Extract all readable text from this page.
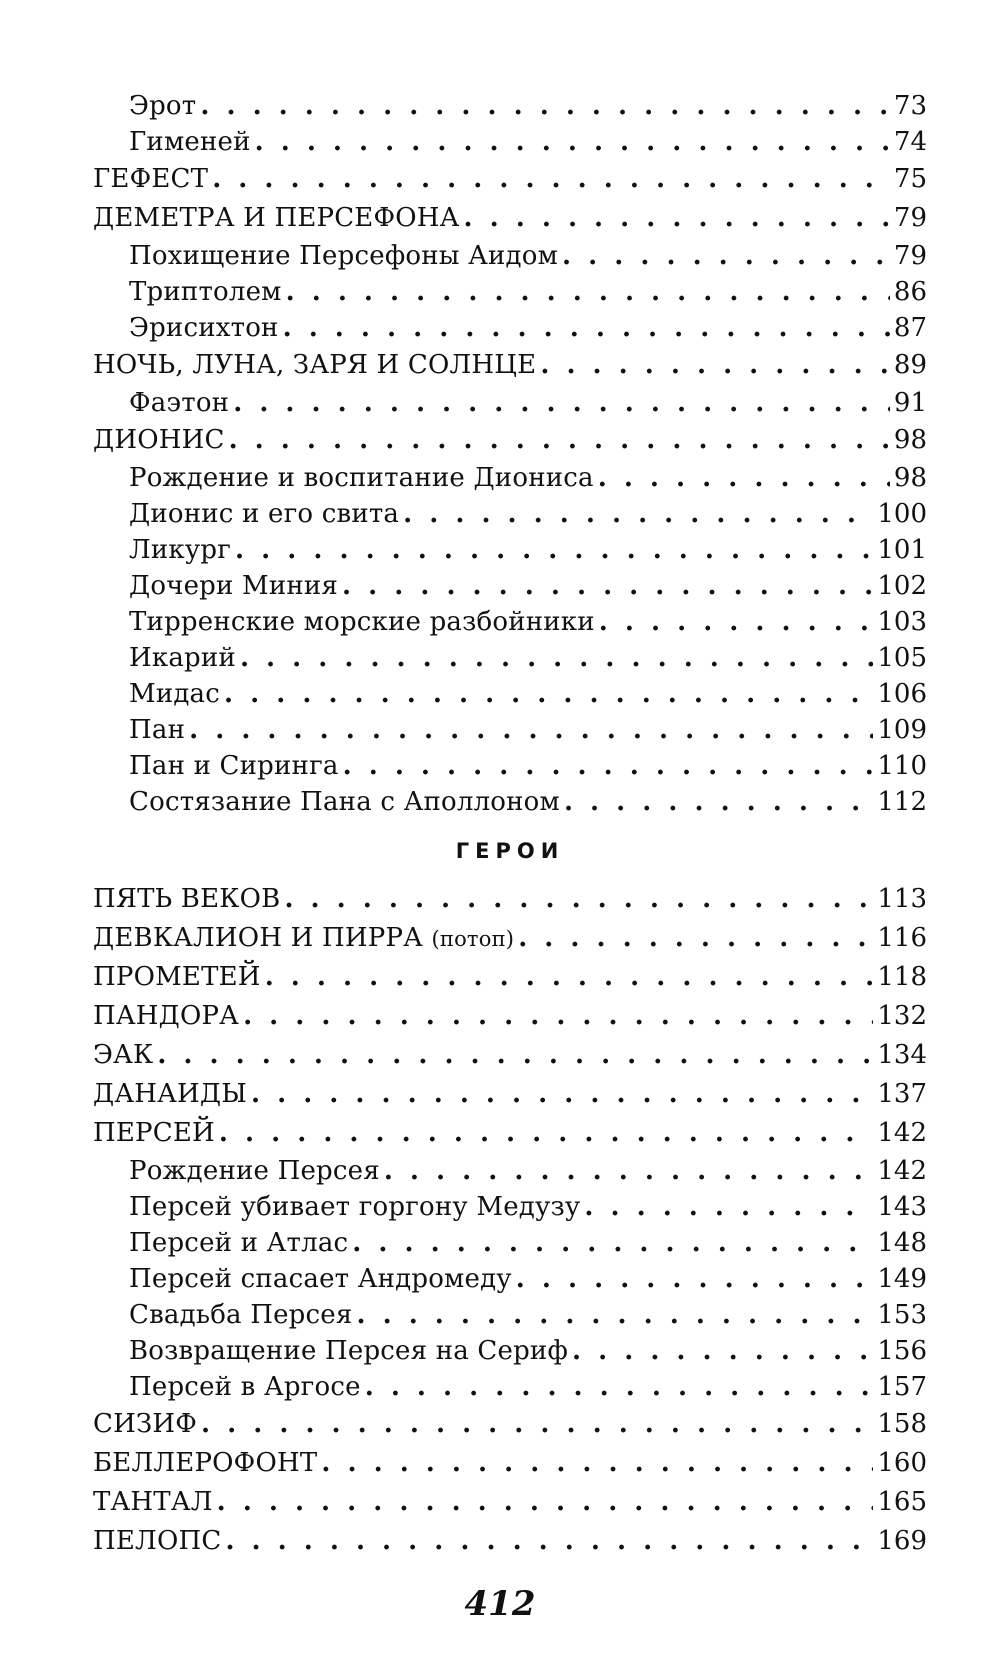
Эрот . . .	73
Гименей . . .	74
ГЕФЕСТ . . .	75
ДЕМЕТРА И ПЕРСЕФОНА . . .	79
Похищение Персефоны Аидом . . .	79
Триптолем . . .	86
Эрисихтон . . .	87
НОЧЬ, ЛУНА, ЗАРЯ И СОЛНЦЕ . . .	89
Фаэтон . . .	91
ДИОНИС . . .	98
Рождение и воспитание Диониса . . .	98
Дионис и его свита . . .	100
Ликург . . .	101
Дочери Миния . . .	102
Тирренские морские разбойники . . .	103
Икарий . . .	105
Мидас . . .	106
Пан . . .	109
Пан и Сиринга . . .	110
Состязание Пана с Аполлоном . . .	112
ГЕРОИ
ПЯТЬ ВЕКОВ . . .	113
ДЕВКАЛИОН И ПИРРА (потоп) . . .	116
ПРОМЕТЕЙ . . .	118
ПАНДОРА . . .	132
ЭАК . . .	134
ДАНАИДЫ . . .	137
ПЕРСЕЙ . . .	142
Рождение Персея . . .	142
Персей убивает горгону Медузу . . .	143
Персей и Атлас . . .	148
Персей спасает Андромеду . . .	149
Свадьба Персея . . .	153
Возвращение Персея на Сериф . . .	156
Персей в Аргосе . . .	157
СИЗИФ . . .	158
БЕЛЛЕРОФОНТ . . .	160
ТАНТАЛ . . .	165
ПЕЛОПС . . .	169
412
